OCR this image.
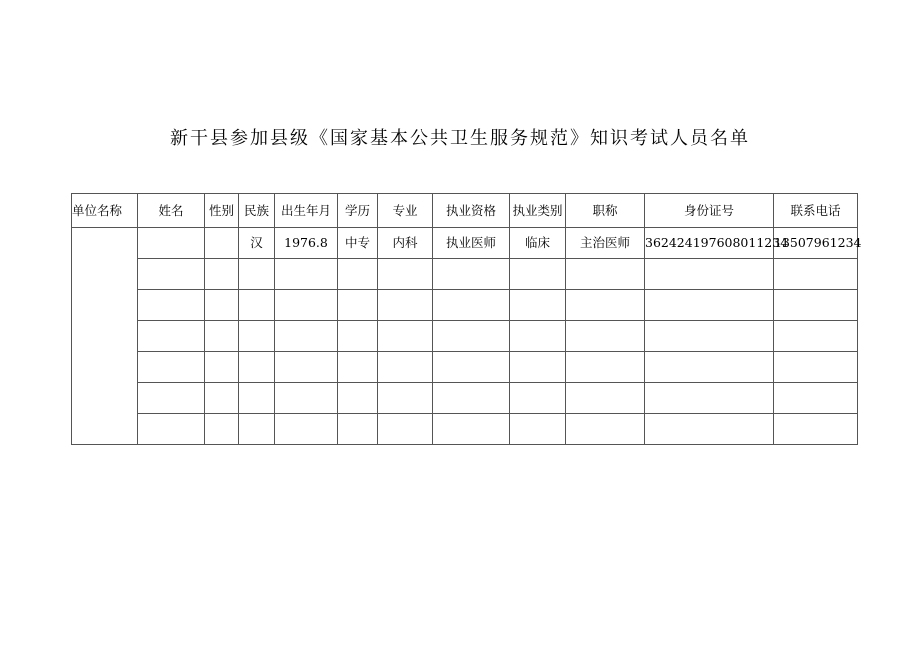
新干县参加县级《国家基本公共卫生服务规范》知识考试人员名单
单位名称	姓名	性别	民族	出生年月	学历	专业	执业资格	执业类别	职称	身份证号	联系电话
			汉	1976.8	中专	内科	执业医师	临床	主治医师	362424197608011234	13507961234
